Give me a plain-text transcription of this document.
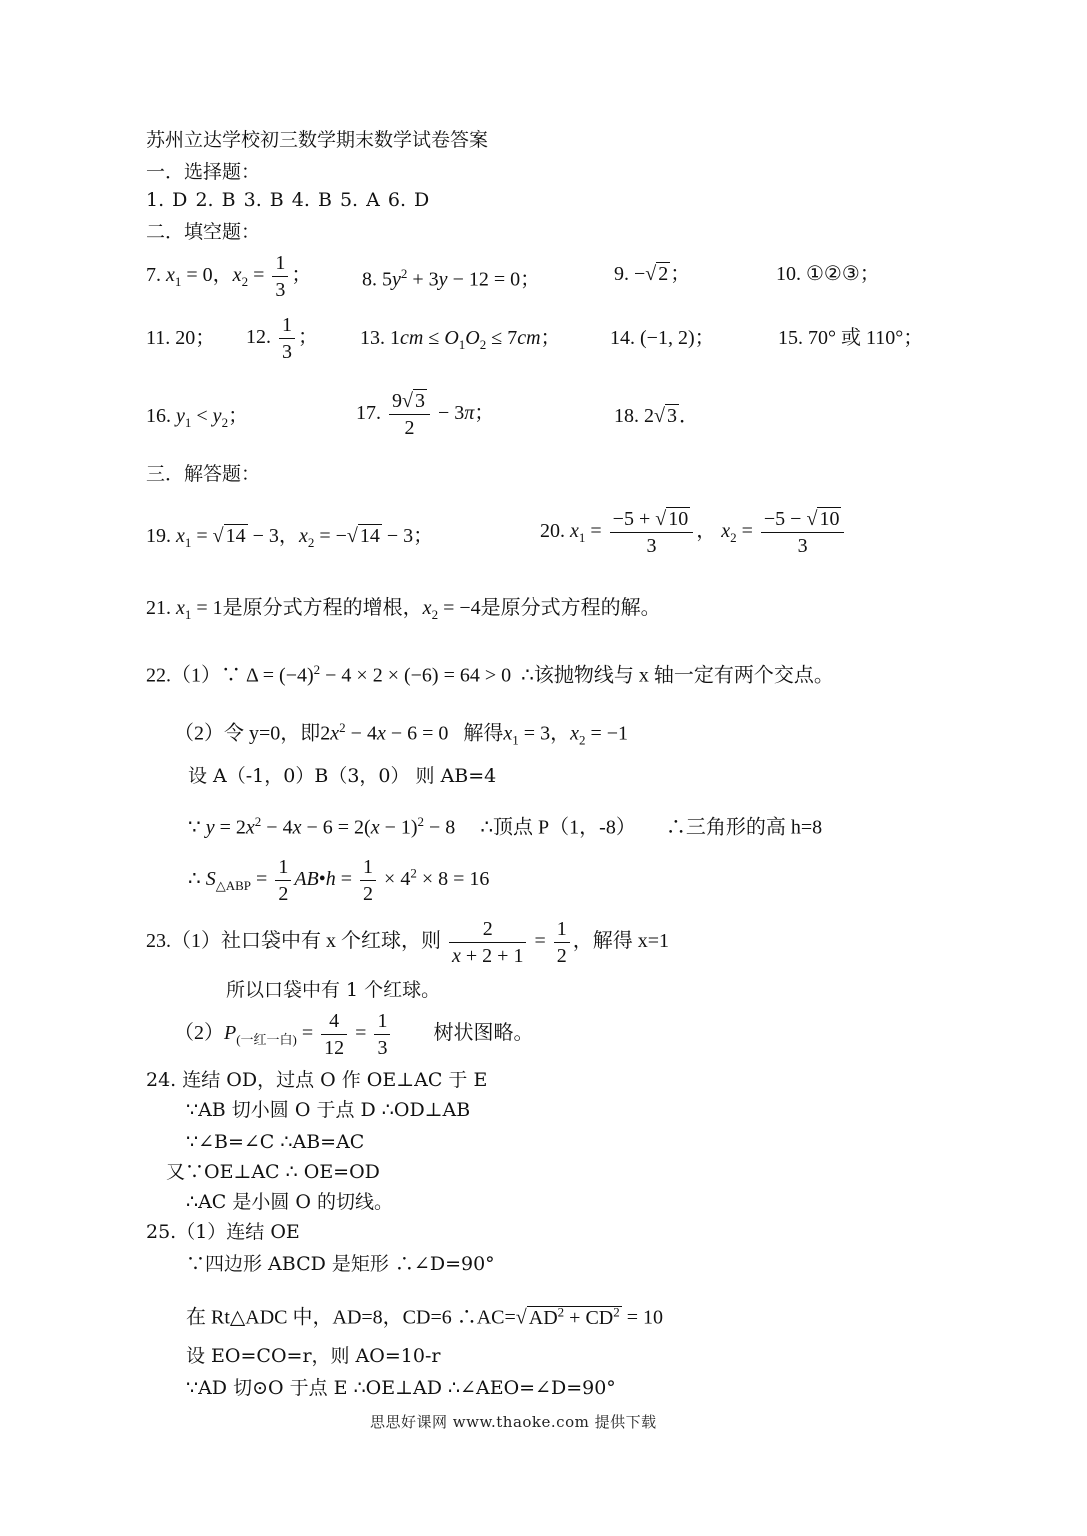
苏州立达学校初三数学期末数学试卷答案
一．选择题：
1. D 2. B 3. B 4. B 5. A 6. D
二．填空题：
7. $x_1 = 0$，$x_2 = \frac{1}{3}$ ；	8. $5y^2 + 3y - 12 = 0$；	9. −√ 2 ；	10. ①②③；
11. 20； 12. $\frac{1}{3}$ ； 13. $1cm \le O_1O_2 \le 7cm$； 14. (−1, 2)；	15. 70° 或 110°；
16. $y_1 < y_2$；	17. $\frac{9√ 3}{2} - 3\pi$；	18. 2√ 3 ．
三．解答题：
19. $x_1$ = √ 14 − 3，$x_2$ = −√ 14 − 3；	20. $x_1 = \frac{-5 + √ 10}{3}$ ， $x_2 = \frac{-5 - √ 10}{3}$
21. $x_1 = 1$是原分式方程的增根，$x_2 = -4$是原分式方程的解。
22.（1）∵ $\Delta = (-4)^2 - 4 \times 2 \times (-6) = 64 > 0$  ∴该抛物线与 x 轴一定有两个交点。
（2）令 y=0，即$2x^2 - 4x - 6 = 0$   解得$x_1 = 3$，$x_2 = -1$
设 A（-1，0）B（3，0） 则 AB=4
∵ $y = 2x^2 - 4x - 6 = 2(x - 1)^2 - 8$     ∴顶点 P（1，-8） ∴三角形的高 h=8
∴ $S_{\triangle ABP} = \frac{1}{2}$ AB•h = $\frac{1}{2} \times 4^2 \times 8 = 16$
23.（1）社口袋中有 x 个红球，则 $\frac{2}{x + 2 + 1} = \frac{1}{2}$ ，解得 x=1
所以口袋中有 1 个红球。
$(2)P_{(一红一白)} = \frac{4}{12} = \frac{1}{3}$ 树状图略。
24. 连结 OD，过点 O 作 OE⊥AC 于 E
∵AB 切小圆 O 于点 D ∴OD⊥AB
∵∠B=∠C ∴AB=AC
又∵OE⊥AC ∴ OE=OD
∴AC 是小圆 O 的切线。
25.（1）连结 OE
∵四边形 ABCD 是矩形 ∴∠D=90°
在 Rt△ADC 中，AD=8，CD=6 ∴AC=√ $AD^2 + CD^2 = 10$
设 EO=CO=r，则 AO=10-r
∵AD 切⊙O 于点 E ∴OE⊥AD ∴∠AEO=∠D=90°
思思好课网 www.thaoke.com 提供下载
